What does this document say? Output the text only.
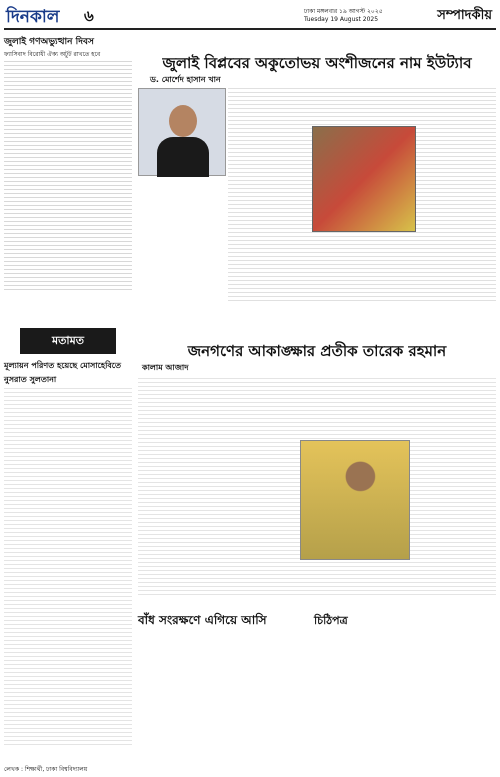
দিনকাল ৬	ঢাকা মঙ্গলবার ১৯ আগস্ট ২০২৫
Tuesday 19 August 2025	সম্পাদকীয়
জুলাই গণঅভ্যুত্থান দিবস
ফ্যাসিবাদ বিরোধী ঐক্য অটুট রাখতে হবে	জুলাই বিপ্লবের অকুতোভয় অংশীজনের নাম ইউট্যাব
ড. মোর্শেদ হাসান খান
জনগণের আকাঙ্ক্ষার প্রতীক তারেক রহমান
কালাম আজাদ
মতামত
মূল্যায়ন পরিণত হয়েছে মোসাহেবিতে
নুসরাত সুলতানা
লেখক : শিক্ষার্থী, ঢাকা বিশ্ববিদ্যালয়
বাঁধ সংরক্ষণে এগিয়ে আসি	চিঠিপত্র
